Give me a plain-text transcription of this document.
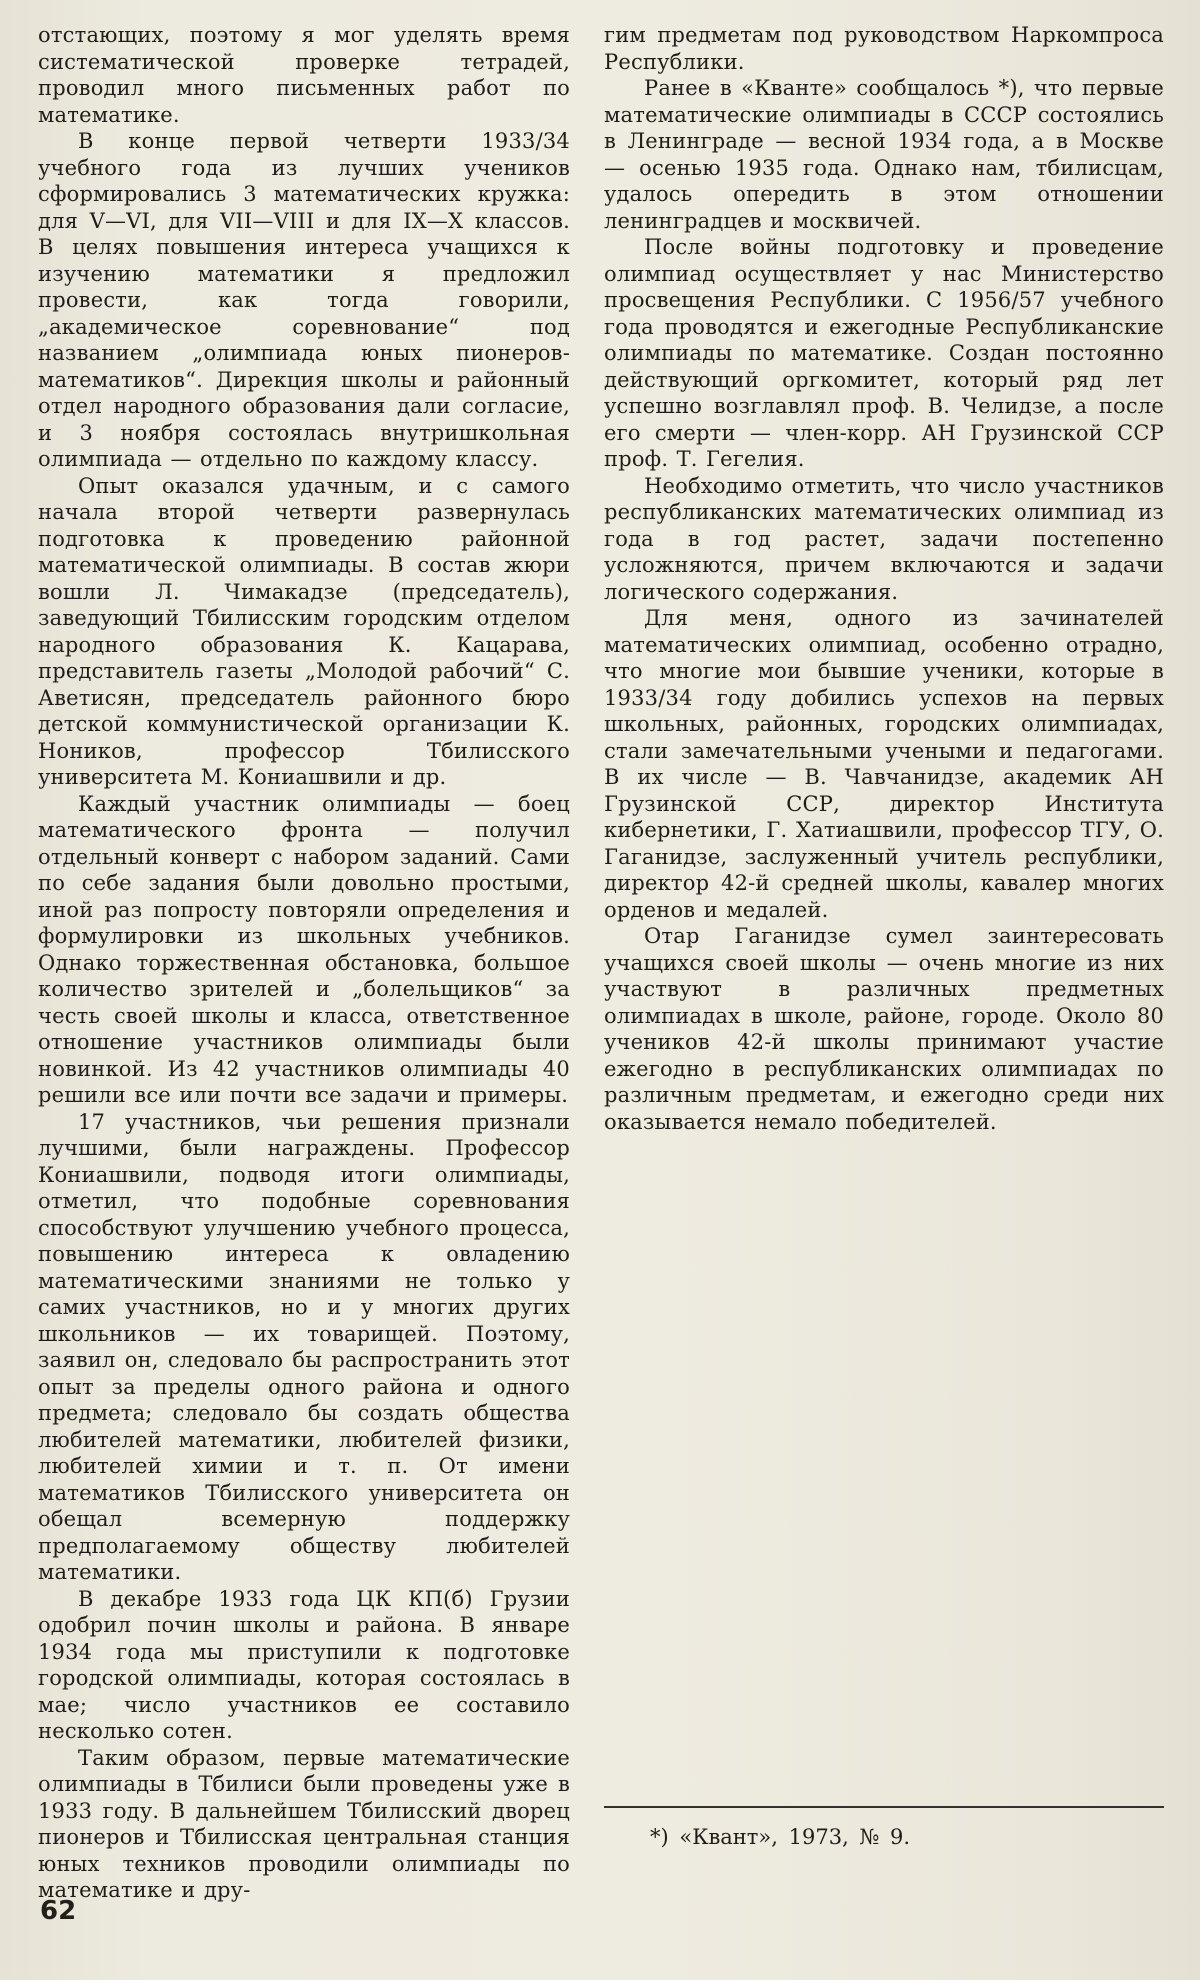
отстающих, поэтому я мог уделять время систематической проверке тетрадей, проводил много письменных работ по математике.

В конце первой четверти 1933/34 учебного года из лучших учеников сформировались 3 математических кружка: для V—VI, для VII—VIII и для IX—X классов. В целях повышения интереса учащихся к изучению математики я предложил провести, как тогда говорили, „академическое соревнование“ под названием „олимпиада юных пионеров-математиков“. Дирекция школы и районный отдел народного образования дали согласие, и 3 ноября состоялась внутришкольная олимпиада — отдельно по каждому классу.

Опыт оказался удачным, и с самого начала второй четверти развернулась подготовка к проведению районной математической олимпиады. В состав жюри вошли Л. Чимакадзе (председатель), заведующий Тбилисским городским отделом народного образования К. Кацарава, представитель газеты „Молодой рабочий“ С. Аветисян, председатель районного бюро детской коммунистической организации К. Ноников, профессор Тбилисского университета М. Кониашвили и др.

Каждый участник олимпиады — боец математического фронта — получил отдельный конверт с набором заданий. Сами по себе задания были довольно простыми, иной раз попросту повторяли определения и формулировки из школьных учебников. Однако торжественная обстановка, большое количество зрителей и „болельщиков“ за честь своей школы и класса, ответственное отношение участников олимпиады были новинкой. Из 42 участников олимпиады 40 решили все или почти все задачи и примеры.

17 участников, чьи решения признали лучшими, были награждены. Профессор Кониашвили, подводя итоги олимпиады, отметил, что подобные соревнования способствуют улучшению учебного процесса, повышению интереса к овладению математическими знаниями не только у самих участников, но и у многих других школьников — их товарищей. Поэтому, заявил он, следовало бы распространить этот опыт за пределы одного района и одного предмета; следовало бы создать общества любителей математики, любителей физики, любителей химии и т. п. От имени математиков Тбилисского университета он обещал всемерную поддержку предполагаемому обществу любителей математики.

В декабре 1933 года ЦК КП(б) Грузии одобрил почин школы и района. В январе 1934 года мы приступили к подготовке городской олимпиады, которая состоялась в мае; число участников ее составило несколько сотен.

Таким образом, первые математические олимпиады в Тбилиси были проведены уже в 1933 году. В дальнейшем Тбилисский дворец пионеров и Тбилисская центральная станция юных техников проводили олимпиады по математике и дру-

гим предметам под руководством Наркомпроса Республики.

Ранее в «Кванте» сообщалось *), что первые математические олимпиады в СССР состоялись в Ленинграде — весной 1934 года, а в Москве — осенью 1935 года. Однако нам, тбилисцам, удалось опередить в этом отношении ленинградцев и москвичей.

После войны подготовку и проведение олимпиад осуществляет у нас Министерство просвещения Республики. С 1956/57 учебного года проводятся и ежегодные Республиканские олимпиады по математике. Создан постоянно действующий оргкомитет, который ряд лет успешно возглавлял проф. В. Челидзе, а после его смерти — член-корр. АН Грузинской ССР проф. Т. Гегелия.

Необходимо отметить, что число участников республиканских математических олимпиад из года в год растет, задачи постепенно усложняются, причем включаются и задачи логического содержания.

Для меня, одного из зачинателей математических олимпиад, особенно отрадно, что многие мои бывшие ученики, которые в 1933/34 году добились успехов на первых школьных, районных, городских олимпиадах, стали замечательными учеными и педагогами. В их числе — В. Чавчанидзе, академик АН Грузинской ССР, директор Института кибернетики, Г. Хатиашвили, профессор ТГУ, О. Гаганидзе, заслуженный учитель республики, директор 42-й средней школы, кавалер многих орденов и медалей.

Отар Гаганидзе сумел заинтересовать учащихся своей школы — очень многие из них участвуют в различных предметных олимпиадах в школе, районе, городе. Около 80 учеников 42-й школы принимают участие ежегодно в республиканских олимпиадах по различным предметам, и ежегодно среди них оказывается немало победителей.

*) «Квант», 1973, № 9.

62
